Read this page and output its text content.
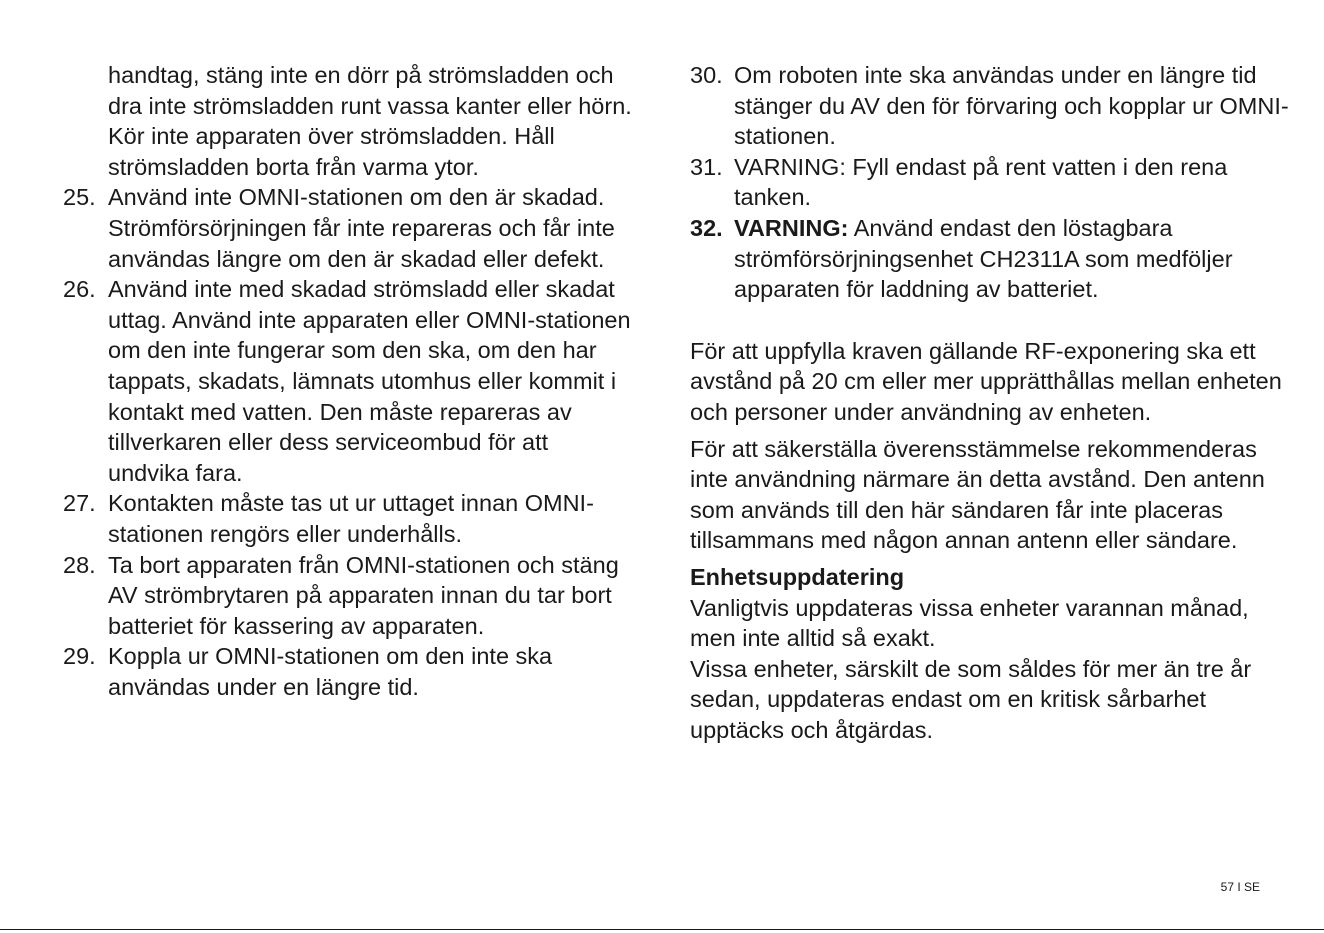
handtag, stäng inte en dörr på strömsladden och dra inte strömsladden runt vassa kanter eller hörn. Kör inte apparaten över strömsladden. Håll strömsladden borta från varma ytor.

25. Använd inte OMNI-stationen om den är skadad. Strömförsörjningen får inte repareras och får inte användas längre om den är skadad eller defekt.
26. Använd inte med skadad strömsladd eller skadat uttag. Använd inte apparaten eller OMNI-stationen om den inte fungerar som den ska, om den har tappats, skadats, lämnats utomhus eller kommit i kontakt med vatten. Den måste repareras av tillverkaren eller dess serviceombud för att undvika fara.
27. Kontakten måste tas ut ur uttaget innan OMNI-stationen rengörs eller underhålls.
28. Ta bort apparaten från OMNI-stationen och stäng AV strömbrytaren på apparaten innan du tar bort batteriet för kassering av apparaten.
29. Koppla ur OMNI-stationen om den inte ska användas under en längre tid.
30. Om roboten inte ska användas under en längre tid stänger du AV den för förvaring och kopplar ur OMNI-stationen.
31. VARNING: Fyll endast på rent vatten i den rena tanken.
32. VARNING: Använd endast den löstagbara strömförsörjningsenhet CH2311A som medföljer apparaten för laddning av batteriet.

För att uppfylla kraven gällande RF-exponering ska ett avstånd på 20 cm eller mer upprätthållas mellan enheten och personer under användning av enheten.

För att säkerställa överensstämmelse rekommenderas inte användning närmare än detta avstånd. Den antenn som används till den här sändaren får inte placeras tillsammans med någon annan antenn eller sändare.

Enhetsuppdatering

Vanligtvis uppdateras vissa enheter varannan månad, men inte alltid så exakt.

Vissa enheter, särskilt de som såldes för mer än tre år sedan, uppdateras endast om en kritisk sårbarhet upptäcks och åtgärdas.

57 I SE
